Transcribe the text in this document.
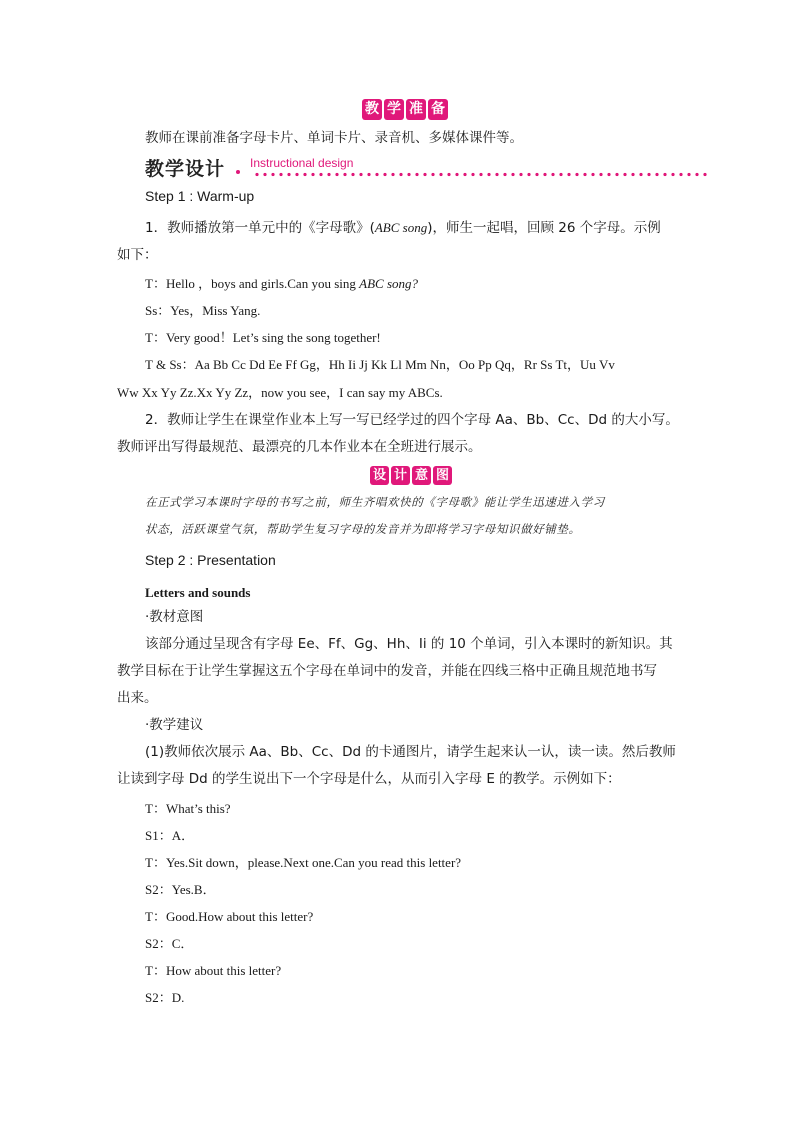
教 学 准 备
教师在课前准备字母卡片、单词卡片、录音机、多媒体课件等。
教学设计 Instructional design
Step 1 : Warm-up
1．教师播放第一单元中的《字母歌》(ABC song)，师生一起唱，回顾 26 个字母。示例
如下：
T：Hello ，boys and girls.Can you sing ABC song?
Ss：Yes，Miss Yang.
T：Very good！Let’s sing the song together!
T & Ss：Aa Bb Cc Dd Ee Ff Gg，Hh Ii Jj Kk Ll Mm Nn，Oo Pp Qq，Rr Ss Tt，Uu Vv
Ww Xx Yy Zz.Xx Yy Zz，now you see，I can say my ABCs.
2．教师让学生在课堂作业本上写一写已经学过的四个字母 Aa、Bb、Cc、Dd 的大小写。
教师评出写得最规范、最漂亮的几本作业本在全班进行展示。
设 计 意 图
在正式学习本课时字母的书写之前，师生齐唱欢快的《字母歌》能让学生迅速进入学习
状态，活跃课堂气氛，帮助学生复习字母的发音并为即将学习字母知识做好铺垫。
Step 2 : Presentation
Letters and sounds
·教材意图
该部分通过呈现含有字母 Ee、Ff、Gg、Hh、Ii 的 10 个单词，引入本课时的新知识。其
教学目标在于让学生掌握这五个字母在单词中的发音，并能在四线三格中正确且规范地书写
出来。
·教学建议
(1)教师依次展示 Aa、Bb、Cc、Dd 的卡通图片，请学生起来认一认，读一读。然后教师
让读到字母 Dd 的学生说出下一个字母是什么，从而引入字母 E 的教学。示例如下：
T：What’s this?
S1：A．
T：Yes.Sit down，please.Next one.Can you read this letter?
S2：Yes.B．
T：Good.How about this letter?
S2：C．
T：How about this letter?
S2：D.
